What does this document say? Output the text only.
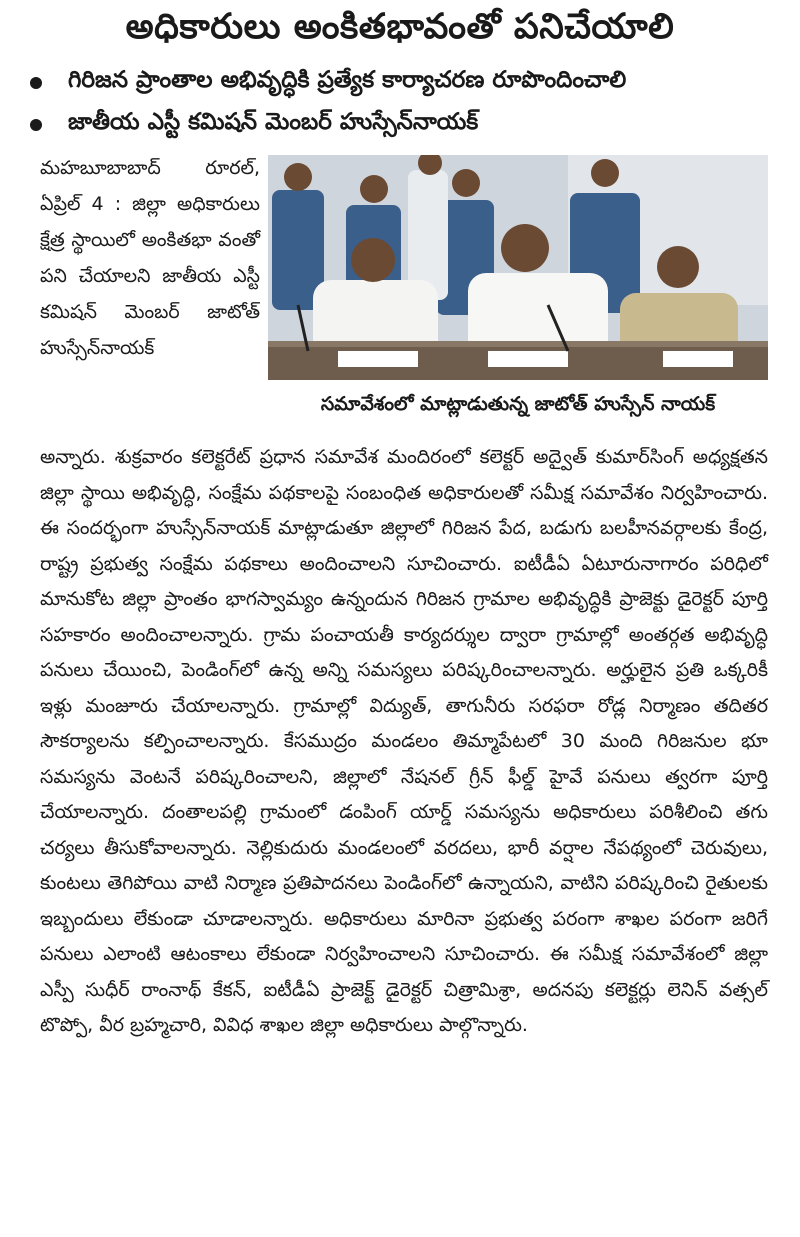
అధికారులు అంకితభావంతో పనిచేయాలి
గిరిజన ప్రాంతాల అభివృద్ధికి ప్రత్యేక కార్యాచరణ రూపొందించాలి
జాతీయ ఎస్టీ కమిషన్ మెంబర్ హుస్సేన్‌నాయక్
మహబూబాబాద్ రూరల్, ఏప్రిల్ 4 : జిల్లా అధికారులు క్షేత్ర స్థాయిలో అంకితభా వంతో పని చేయాలని జాతీయ ఎస్టీ కమిషన్ మెంబర్ జాటోత్ హుస్సేన్‌నాయక్
సమావేశంలో మాట్లాడుతున్న జాటోత్ హుస్సేన్ నాయక్
అన్నారు. శుక్రవారం కలెక్టరేట్ ప్రధాన సమావేశ మందిరంలో కలెక్టర్ అద్వైత్ కుమార్‌సింగ్ అధ్యక్షతన జిల్లా స్థాయి అభివృద్ధి, సంక్షేమ పథకాలపై సంబంధిత అధికారులతో సమీక్ష సమావేశం నిర్వహించారు. ఈ సందర్భంగా హుస్సేన్‌నాయక్ మాట్లాడుతూ జిల్లాలో గిరిజన పేద, బడుగు బలహీనవర్గాలకు కేంద్ర, రాష్ట్ర ప్రభుత్వ సంక్షేమ పథకాలు అందించాలని సూచించారు. ఐటీడీఏ ఏటూరునాగారం పరిధిలో మానుకోట జిల్లా ప్రాంతం భాగస్వామ్యం ఉన్నందున గిరిజన గ్రామాల అభివృద్ధికి ప్రాజెక్టు డైరెక్టర్ పూర్తి సహకారం అందించాలన్నారు. గ్రామ పంచాయతీ కార్యదర్శుల ద్వారా గ్రామాల్లో అంతర్గత అభివృద్ధి పనులు చేయించి, పెండింగ్‌లో ఉన్న అన్ని సమస్యలు పరిష్కరించాలన్నారు. అర్హులైన ప్రతి ఒక్కరికీ ఇళ్లు మంజూరు చేయాలన్నారు. గ్రామాల్లో విద్యుత్, తాగునీరు సరఫరా రోడ్ల నిర్మాణం తదితర సౌకర్యాలను కల్పించాలన్నారు. కేసముద్రం మండలం తిమ్మాపేటలో 30 మంది గిరిజనుల భూ సమస్యను వెంటనే పరిష్కరించాలని, జిల్లాలో నేషనల్ గ్రీన్ ఫీల్డ్ హైవే పనులు త్వరగా పూర్తి చేయాలన్నారు. దంతాలపల్లి గ్రామంలో డంపింగ్ యార్డ్ సమస్యను అధికారులు పరిశీలించి తగు చర్యలు తీసుకోవాలన్నారు. నెల్లికుదురు మండలంలో వరదలు, భారీ వర్షాల నేపథ్యంలో చెరువులు, కుంటలు తెగిపోయి వాటి నిర్మాణ ప్రతిపాదనలు పెండింగ్‌లో ఉన్నాయని, వాటిని పరిష్కరించి రైతులకు ఇబ్బందులు లేకుండా చూడాలన్నారు. అధికారులు మారినా ప్రభుత్వ పరంగా శాఖల పరంగా జరిగే పనులు ఎలాంటి ఆటంకాలు లేకుండా నిర్వహించాలని సూచించారు. ఈ సమీక్ష సమావేశంలో జిల్లా ఎస్పీ సుధీర్ రాంనాథ్ కేకన్, ఐటీడీఏ ప్రాజెక్ట్ డైరెక్టర్ చిత్రామిశ్రా, అదనపు కలెక్టర్లు లెనిన్ వత్సల్ టొప్పో, వీర బ్రహ్మచారి, వివిధ శాఖల జిల్లా అధికారులు పాల్గొన్నారు.
